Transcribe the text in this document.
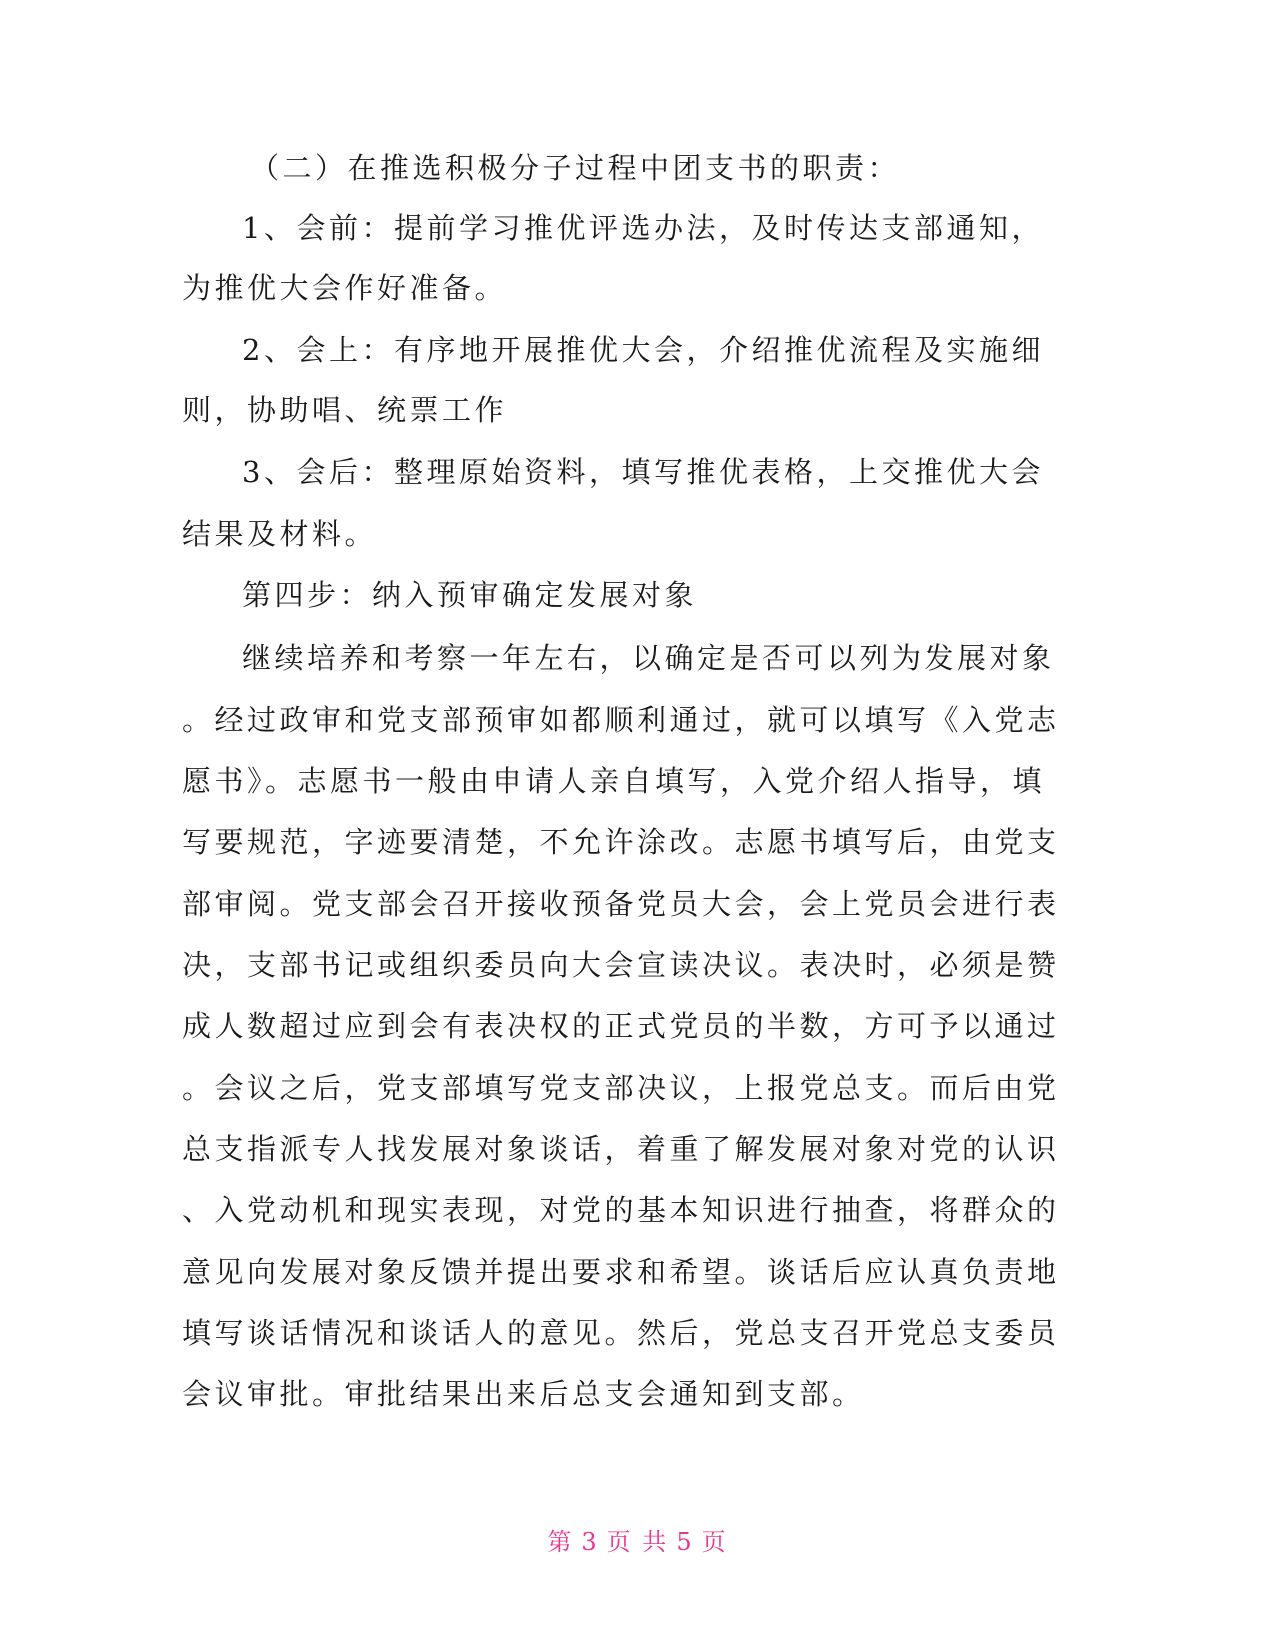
（二）在推选积极分子过程中团支书的职责：
1、会前：提前学习推优评选办法，及时传达支部通知，
为推优大会作好准备。
2、会上：有序地开展推优大会，介绍推优流程及实施细
则，协助唱、统票工作
3、会后：整理原始资料，填写推优表格，上交推优大会
结果及材料。
第四步：纳入预审确定发展对象
继续培养和考察一年左右，以确定是否可以列为发展对象
。经过政审和党支部预审如都顺利通过，就可以填写《入党志
愿书》。志愿书一般由申请人亲自填写，入党介绍人指导，填
写要规范，字迹要清楚，不允许涂改。志愿书填写后，由党支
部审阅。党支部会召开接收预备党员大会，会上党员会进行表
决，支部书记或组织委员向大会宣读决议。表决时，必须是赞
成人数超过应到会有表决权的正式党员的半数，方可予以通过
。会议之后，党支部填写党支部决议，上报党总支。而后由党
总支指派专人找发展对象谈话，着重了解发展对象对党的认识
、入党动机和现实表现，对党的基本知识进行抽查，将群众的
意见向发展对象反馈并提出要求和希望。谈话后应认真负责地
填写谈话情况和谈话人的意见。然后，党总支召开党总支委员
会议审批。审批结果出来后总支会通知到支部。
第 3 页 共 5 页
